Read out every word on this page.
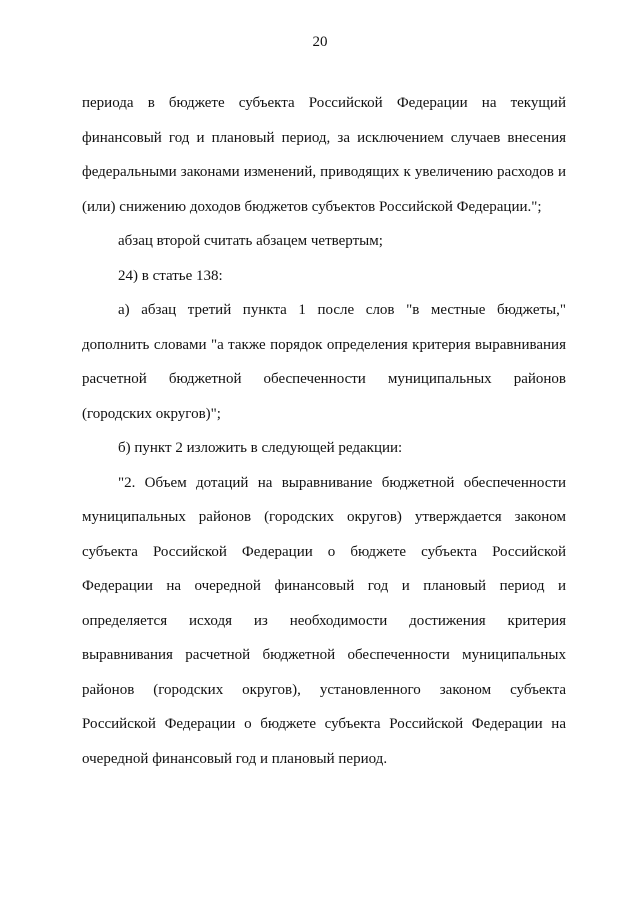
20
периода в бюджете субъекта Российской Федерации на текущий
финансовый год и плановый период, за исключением случаев внесения
федеральными законами изменений, приводящих к увеличению расходов и
(или) снижению доходов бюджетов субъектов Российской Федерации.";
абзац второй считать абзацем четвертым;
24) в статье 138:
а) абзац третий пункта 1 после слов "в местные бюджеты,"
дополнить словами "а также порядок определения критерия выравнивания
расчетной бюджетной обеспеченности муниципальных районов
(городских округов)";
б) пункт 2 изложить в следующей редакции:
"2. Объем дотаций на выравнивание бюджетной обеспеченности
муниципальных районов (городских округов) утверждается законом
субъекта Российской Федерации о бюджете субъекта Российской
Федерации на очередной финансовый год и плановый период и
определяется исходя из необходимости достижения критерия
выравнивания расчетной бюджетной обеспеченности муниципальных
районов (городских округов), установленного законом субъекта
Российской Федерации о бюджете субъекта Российской Федерации на
очередной финансовый год и плановый период.
